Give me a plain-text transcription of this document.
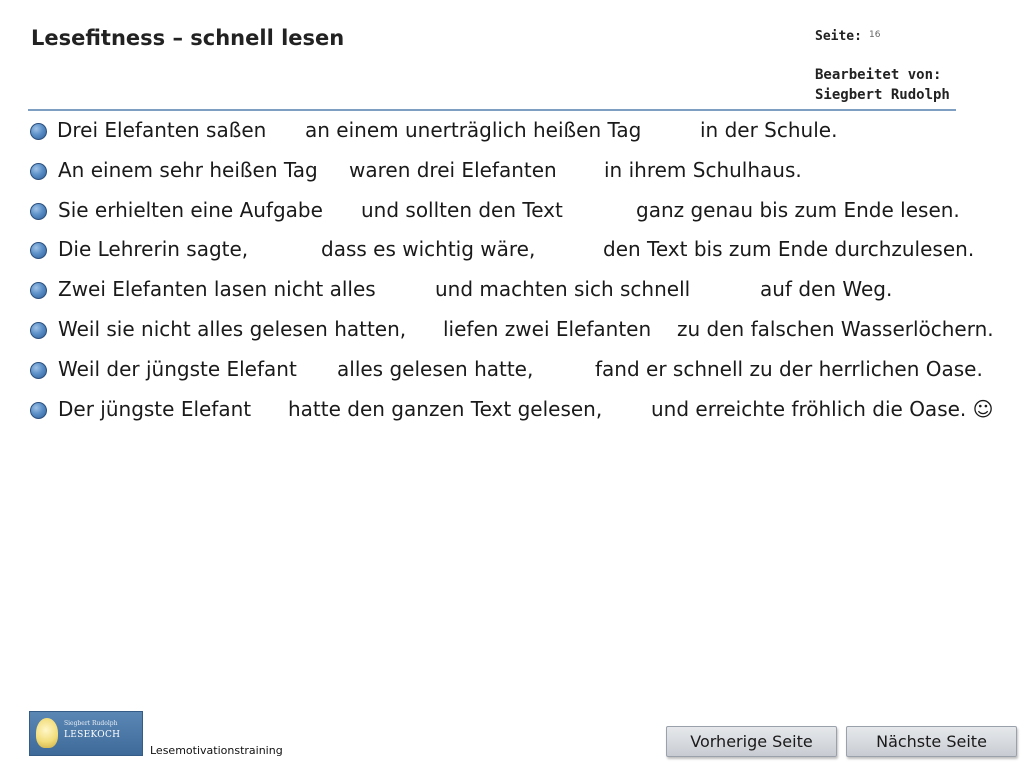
Lesefitness – schnell lesen	Seite: 16
Bearbeitet von:
Siegbert Rudolph
Drei Elefanten saßen an einem unerträglich heißen Tag	in der Schule.
An einem sehr heißen Tag waren drei Elefanten in ihrem Schulhaus.
Sie erhielten eine Aufgabe und sollten den Text	ganz genau bis zum Ende lesen.
Die Lehrerin sagte,	dass es wichtig wäre,	den Text bis zum Ende durchzulesen.
Zwei Elefanten lasen nicht alles	und machten sich schnell	auf den Weg.
Weil sie nicht alles gelesen hatten, liefen zwei Elefanten zu den falschen Wasserlöchern.
Weil der jüngste Elefant alles gelesen hatte,	fand er schnell zu der herrlichen Oase.
Der jüngste Elefant hatte den ganzen Text gelesen, und erreichte fröhlich die Oase. ☺
Siegbert Rudolph
LESEKOCH
Lesemotivationstraining	Vorherige Seite	Nächste Seite
